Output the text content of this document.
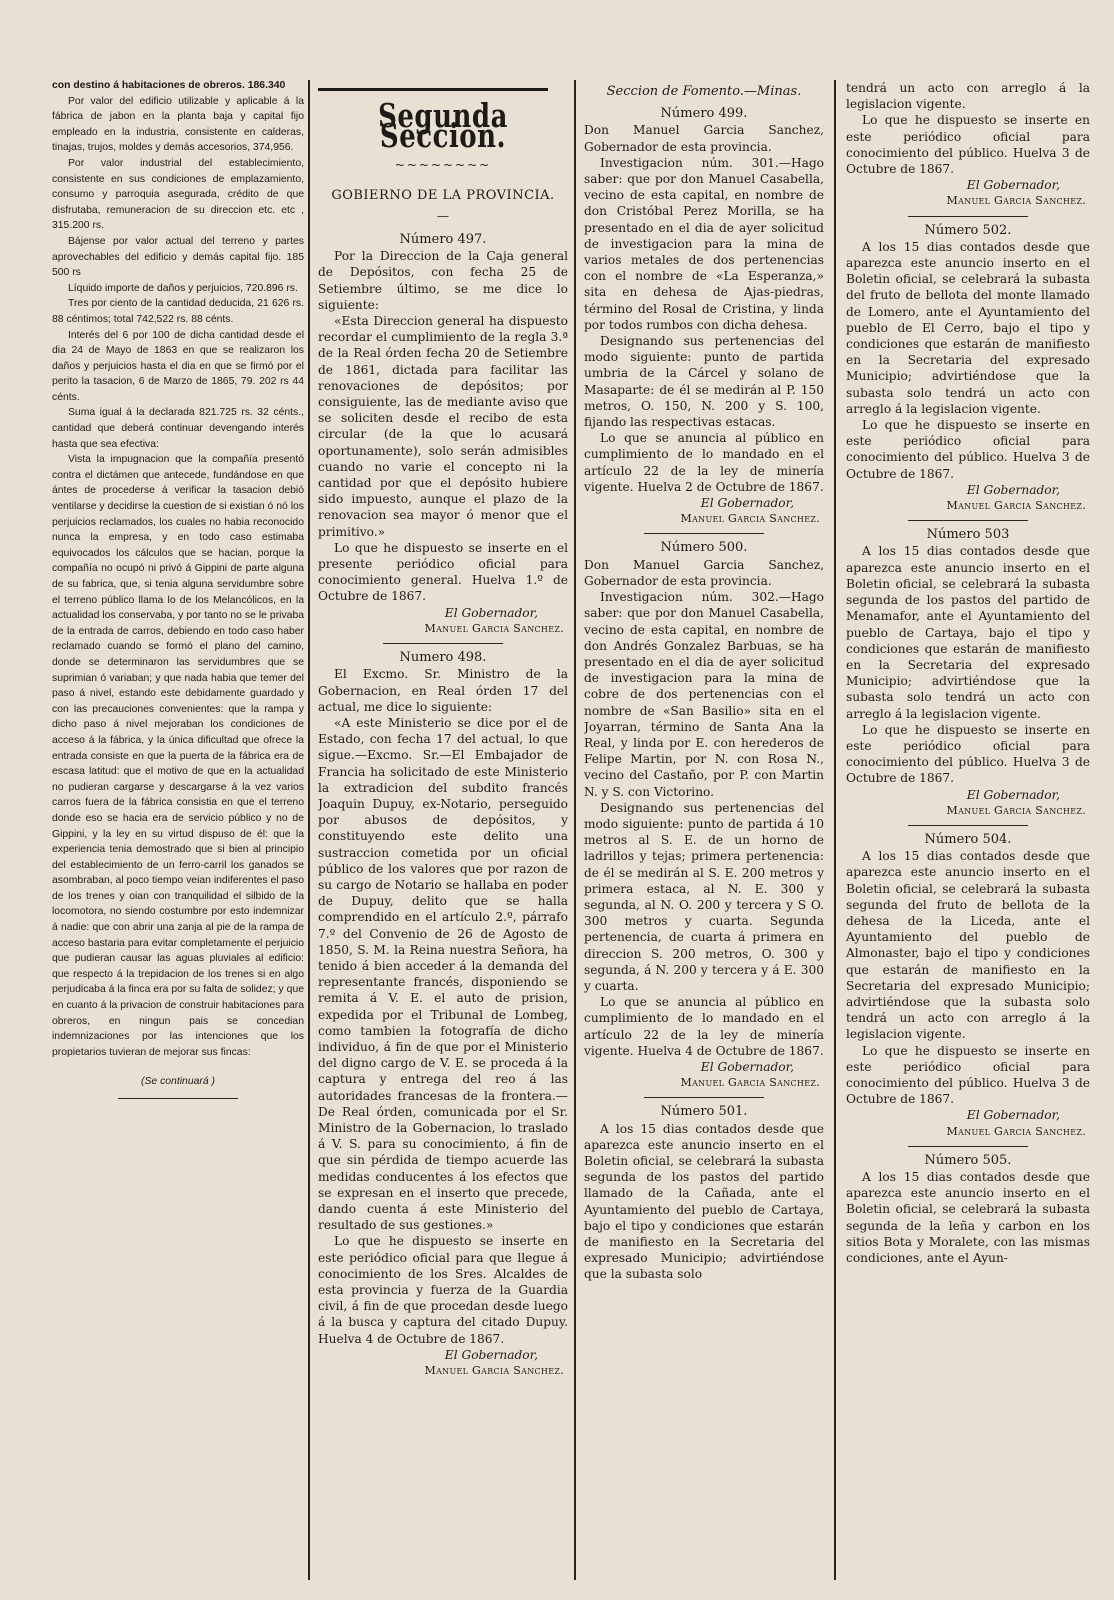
con destino á habitaciones de obreros. 186.340

Por valor del edificio utilizable y aplicable á la fábrica de jabon en la planta baja y capital fijo empleado en la industria, consistente en calderas, tinajas, trujos, moldes y demás accesorios, 374,956.

Por valor industrial del establecimiento, consistente en sus condiciones de emplazamiento, consumo y parroquia asegurada, crédito de que disfrutaba, remuneracion de su direccion etc. etc , 315.200 rs.

Bájense por valor actual del terreno y partes aprovechables del edificio y demás capital fijo. 185 500 rs

Líquido importe de daños y perjuicios, 720.896 rs.

Tres por ciento de la cantidad deducida, 21 626 rs. 88 céntimos; total 742,522 rs. 88 cénts.

Interés del 6 por 100 de dicha cantidad desde el dia 24 de Mayo de 1863 en que se realizaron los daños y perjuicios hasta el dia en que se firmó por el perito la tasacion, 6 de Marzo de 1865, 79. 202 rs 44 cénts.

Suma igual á la declarada 821.725 rs. 32 cénts., cantidad que deberá continuar devengando interés hasta que sea efectiva:

Vista la impugnacion que la compañía presentó contra el dictámen que antecede, fundándose en que ántes de procederse á verificar la tasacion debió ventilarse y decidirse la cuestion de si existian ó nó los perjuicios reclamados, los cuales no habia reconocido nunca la empresa, y en todo caso estimaba equivocados los cálculos que se hacian, porque la compañía no ocupó ni privó á Gippini de parte alguna de su fabrica, que, si tenia alguna servidumbre sobre el terreno público llama lo de los Melancólicos, en la actualidad los conservaba, y por tanto no se le privaba de la entrada de carros, debiendo en todo caso haber reclamado cuando se formó el plano del camino, donde se determinaron las servidumbres que se suprimian ó variaban; y que nada habia que temer del paso á nivel, estando este debidamente guardado y con las precauciones convenientes: que la rampa y dicho paso á nivel mejoraban los condiciones de acceso á la fábrica, y la única dificultad que ofrece la entrada consiste en que la puerta de la fábrica era de escasa latitud: que el motivo de que en la actualidad no pudieran cargarse y descargarse á la vez varios carros fuera de la fábrica consistia en que el terreno donde eso se hacia era de servicio público y no de Gippini, y la ley en su virtud dispuso de él: que la experiencia tenia demostrado que si bien al principio del establecimiento de un ferro-carril los ganados se asombraban, al poco tiempo veian indiferentes el paso de los trenes y oian con tranquilidad el silbido de la locomotora, no siendo costumbre por esto indemnizar á nadie: que con abrir una zanja al pie de la rampa de acceso bastaria para evitar completamente el perjuicio que pudieran causar las aguas pluviales al edificio: que respecto á la trepidacion de los trenes si en algo perjudicaba á la finca era por su falta de solidez; y que en cuanto á la privacion de construir habitaciones para obreros, en ningun pais se concedian indemnizaciones por las intenciones que los propietarios tuvieran de mejorar sus fincas:

(Se continuará )

Segunda Seccion.
~~~~~~~~
GOBIERNO DE LA PROVINCIA.
—

Número 497.

Por la Direccion de la Caja general de Depósitos, con fecha 25 de Setiembre último, se me dice lo siguiente:

«Esta Direccion general ha dispuesto recordar el cumplimiento de la regla 3.ª de la Real órden fecha 20 de Setiembre de 1861, dictada para facilitar las renovaciones de depósitos; por consiguiente, las de mediante aviso que se soliciten desde el recibo de esta circular (de la que lo acusará oportunamente), solo serán admisibles cuando no varie el concepto ni la cantidad por que el depósito hubiere sido impuesto, aunque el plazo de la renovacion sea mayor ó menor que el primitivo.»

Lo que he dispuesto se inserte en el presente periódico oficial para conocimiento general. Huelva 1.º de Octubre de 1867.

El Gobernador,

Manuel Garcia Sanchez.

Numero 498.

El Excmo. Sr. Ministro de la Gobernacion, en Real órden 17 del actual, me dice lo siguiente:

«A este Ministerio se dice por el de Estado, con fecha 17 del actual, lo que sigue.—Excmo. Sr.—El Embajador de Francia ha solicitado de este Ministerio la extradicion del subdito francés Joaquin Dupuy, ex-Notario, perseguido por abusos de depósitos, y constituyendo este delito una sustraccion cometida por un oficial público de los valores que por razon de su cargo de Notario se hallaba en poder de Dupuy, delito que se halla comprendido en el artículo 2.º, párrafo 7.º del Convenio de 26 de Agosto de 1850, S. M. la Reina nuestra Señora, ha tenido á bien acceder á la demanda del representante francés, disponiendo se remita á V. E. el auto de prision, expedida por el Tribunal de Lombeg, como tambien la fotografía de dicho individuo, á fin de que por el Ministerio del digno cargo de V. E. se proceda á la captura y entrega del reo á las autoridades francesas de la frontera.—De Real órden, comunicada por el Sr. Ministro de la Gobernacion, lo traslado á V. S. para su conocimiento, á fin de que sin pérdida de tiempo acuerde las medidas conducentes á los efectos que se expresan en el inserto que precede, dando cuenta á este Ministerio del resultado de sus gestiones.»

Lo que he dispuesto se inserte en este periódico oficial para que llegue á conocimiento de los Sres. Alcaldes de esta provincia y fuerza de la Guardia civil, á fin de que procedan desde luego á la busca y captura del citado Dupuy. Huelva 4 de Octubre de 1867.

El Gobernador,

Manuel Garcia Sanchez.

Seccion de Fomento.—Minas.

Número 499.

Don Manuel Garcia Sanchez, Gobernador de esta provincia.

Investigacion núm. 301.—Hago saber: que por don Manuel Casabella, vecino de esta capital, en nombre de don Cristóbal Perez Morilla, se ha presentado en el dia de ayer solicitud de investigacion para la mina de varios metales de dos pertenencias con el nombre de «La Esperanza,» sita en dehesa de Ajas-piedras, término del Rosal de Cristina, y linda por todos rumbos con dicha dehesa.

Designando sus pertenencias del modo siguiente: punto de partida umbria de la Cárcel y solano de Masaparte: de él se medirán al P. 150 metros, O. 150, N. 200 y S. 100, fijando las respectivas estacas.

Lo que se anuncia al público en cumplimiento de lo mandado en el artículo 22 de la ley de minería vigente. Huelva 2 de Octubre de 1867.

El Gobernador,

Manuel Garcia Sanchez.

Número 500.

Don Manuel Garcia Sanchez, Gobernador de esta provincia.

Investigacion núm. 302.—Hago saber: que por don Manuel Casabella, vecino de esta capital, en nombre de don Andrés Gonzalez Barbuas, se ha presentado en el dia de ayer solicitud de investigacion para la mina de cobre de dos pertenencias con el nombre de «San Basilio» sita en el Joyarran, término de Santa Ana la Real, y linda por E. con herederos de Felipe Martin, por N. con Rosa N., vecino del Castaño, por P. con Martin N. y S. con Victorino.

Designando sus pertenencias del modo siguiente: punto de partida á 10 metros al S. E. de un horno de ladrillos y tejas; primera pertenencia: de él se medirán al S. E. 200 metros y primera estaca, al N. E. 300 y segunda, al N. O. 200 y tercera y S O. 300 metros y cuarta. Segunda pertenencia, de cuarta á primera en direccion S. 200 metros, O. 300 y segunda, á N. 200 y tercera y á E. 300 y cuarta.

Lo que se anuncia al público en cumplimiento de lo mandado en el artículo 22 de la ley de minería vigente. Huelva 4 de Octubre de 1867.

El Gobernador,

Manuel Garcia Sanchez.

Número 501.

A los 15 dias contados desde que aparezca este anuncio inserto en el Boletin oficial, se celebrará la subasta segunda de los pastos del partido llamado de la Cañada, ante el Ayuntamiento del pueblo de Cartaya, bajo el tipo y condiciones que estarán de manifiesto en la Secretaria del expresado Municipio; advirtiéndose que la subasta solo

tendrá un acto con arreglo á la legislacion vigente.

Lo que he dispuesto se inserte en este periódico oficial para conocimiento del público. Huelva 3 de Octubre de 1867.

El Gobernador,

Manuel Garcia Sanchez.

Número 502.

A los 15 dias contados desde que aparezca este anuncio inserto en el Boletin oficial, se celebrará la subasta del fruto de bellota del monte llamado de Lomero, ante el Ayuntamiento del pueblo de El Cerro, bajo el tipo y condiciones que estarán de manifiesto en la Secretaria del expresado Municipio; advirtiéndose que la subasta solo tendrá un acto con arreglo á la legislacion vigente.

Lo que he dispuesto se inserte en este periódico oficial para conocimiento del público. Huelva 3 de Octubre de 1867.

El Gobernador,

Manuel Garcia Sanchez.

Número 503

A los 15 dias contados desde que aparezca este anuncio inserto en el Boletin oficial, se celebrará la subasta segunda de los pastos del partido de Menamafor, ante el Ayuntamiento del pueblo de Cartaya, bajo el tipo y condiciones que estarán de manifiesto en la Secretaria del expresado Municipio; advirtiéndose que la subasta solo tendrá un acto con arreglo á la legislacion vigente.

Lo que he dispuesto se inserte en este periódico oficial para conocimiento del público. Huelva 3 de Octubre de 1867.

El Gobernador,

Manuel Garcia Sanchez.

Número 504.

A los 15 dias contados desde que aparezca este anuncio inserto en el Boletin oficial, se celebrará la subasta segunda del fruto de bellota de la dehesa de la Liceda, ante el Ayuntamiento del pueblo de Almonaster, bajo el tipo y condiciones que estarán de manifiesto en la Secretaria del expresado Municipio; advirtiéndose que la subasta solo tendrá un acto con arreglo á la legislacion vigente.

Lo que he dispuesto se inserte en este periódico oficial para conocimiento del público. Huelva 3 de Octubre de 1867.

El Gobernador,

Manuel Garcia Sanchez.

Número 505.

A los 15 dias contados desde que aparezca este anuncio inserto en el Boletin oficial, se celebrará la subasta segunda de la leña y carbon en los sitios Bota y Moralete, con las mismas condiciones, ante el Ayun-
